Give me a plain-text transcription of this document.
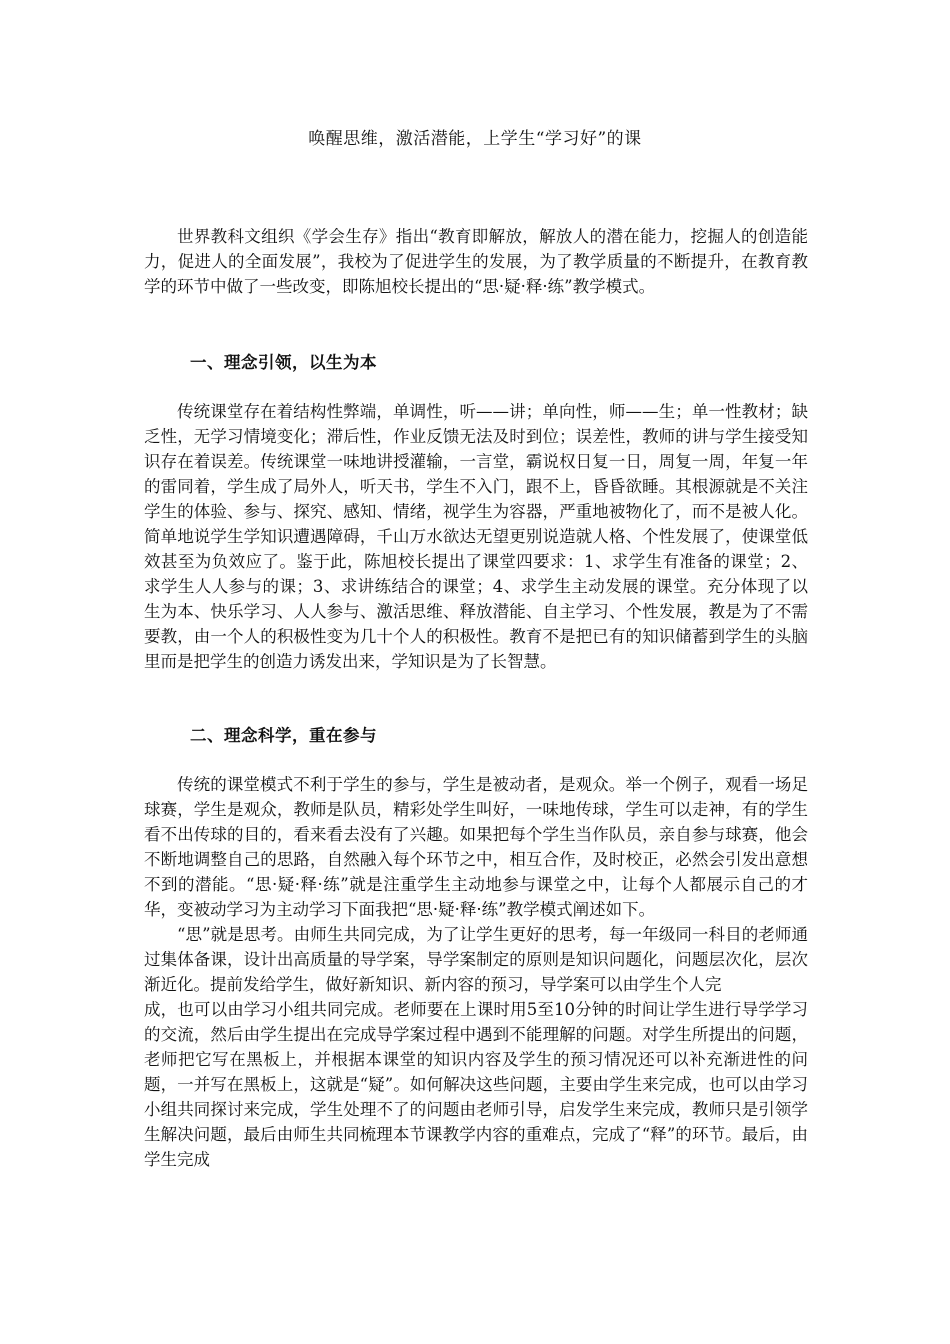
唤醒思维，激活潜能，上学生“学习好”的课

世界教科文组织《学会生存》指出“教育即解放，解放人的潜在能力，挖掘人的创造能力，促进人的全面发展”，我校为了促进学生的发展，为了教学质量的不断提升，在教育教学的环节中做了一些改变，即陈旭校长提出的“思·疑·释·练”教学模式。

一、理念引领，以生为本

传统课堂存在着结构性弊端，单调性，听——讲；单向性，师——生；单一性教材；缺乏性，无学习情境变化；滞后性，作业反馈无法及时到位；误差性，教师的讲与学生接受知识存在着误差。传统课堂一味地讲授灌输，一言堂，霸说权日复一日，周复一周，年复一年的雷同着，学生成了局外人，听天书，学生不入门，跟不上，昏昏欲睡。其根源就是不关注学生的体验、参与、探究、感知、情绪，视学生为容器，严重地被物化了，而不是被人化。简单地说学生学知识遭遇障碍，千山万水欲达无望更别说造就人格、个性发展了，使课堂低效甚至为负效应了。鉴于此，陈旭校长提出了课堂四要求：1、求学生有准备的课堂；2、求学生人人参与的课；3、求讲练结合的课堂；4、求学生主动发展的课堂。充分体现了以生为本、快乐学习、人人参与、激活思维、释放潜能、自主学习、个性发展，教是为了不需要教，由一个人的积极性变为几十个人的积极性。教育不是把已有的知识储蓄到学生的头脑里而是把学生的创造力诱发出来，学知识是为了长智慧。

二、理念科学，重在参与

传统的课堂模式不利于学生的参与，学生是被动者，是观众。举一个例子，观看一场足球赛，学生是观众，教师是队员，精彩处学生叫好，一味地传球，学生可以走神，有的学生看不出传球的目的，看来看去没有了兴趣。如果把每个学生当作队员，亲自参与球赛，他会不断地调整自己的思路，自然融入每个环节之中，相互合作，及时校正，必然会引发出意想不到的潜能。“思·疑·释·练”就是注重学生主动地参与课堂之中，让每个人都展示自己的才华，变被动学习为主动学习下面我把“思·疑·释·练”教学模式阐述如下。

“思”就是思考。由师生共同完成，为了让学生更好的思考，每一年级同一科目的老师通过集体备课，设计出高质量的导学案，导学案制定的原则是知识问题化，问题层次化，层次渐近化。提前发给学生，做好新知识、新内容的预习，导学案可以由学生个人完

成，也可以由学习小组共同完成。老师要在上课时用5至10分钟的时间让学生进行导学学习的交流，然后由学生提出在完成导学案过程中遇到不能理解的问题。对学生所提出的问题，老师把它写在黑板上，并根据本课堂的知识内容及学生的预习情况还可以补充渐进性的问题，一并写在黑板上，这就是“疑”。如何解决这些问题，主要由学生来完成，也可以由学习小组共同探讨来完成，学生处理不了的问题由老师引导，启发学生来完成，教师只是引领学生解决问题，最后由师生共同梳理本节课教学内容的重难点，完成了“释”的环节。最后，由学生完成
